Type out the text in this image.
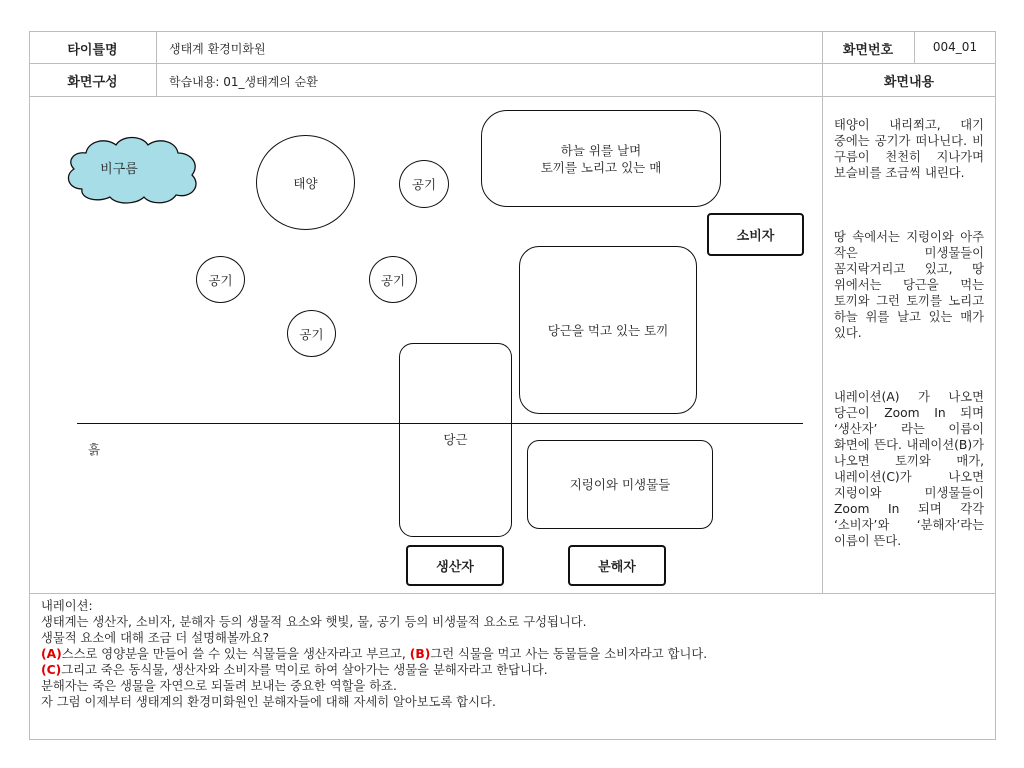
타이틀명	생태계 환경미화원	화면번호	004_01
화면구성	학습내용: 01_생태계의 순환	화면내용
비구름
태양	공기
공기	공기
공기
하늘 위를 날며
토끼를 노리고 있는 매
소비자
당근을 먹고 있는 토끼
흙
당근
지렁이와 미생물들
생산자	분해자

태양이 내리쬐고, 대기 중에는 공기가 떠나닌다. 비 구름이 천천히 지나가며 보슬비를 조금씩 내린다.

땅 속에서는 지렁이와 아주 작은 미생물들이 꼼지락거리고 있고, 땅 위에서는 당근을 먹는 토끼와 그런 토끼를 노리고 하늘 위를 날고 있는 매가 있다.

내레이션(A) 가 나오면 당근이 Zoom In 되며 ‘생산자’ 라는 이름이 화면에 뜬다. 내레이션(B)가 나오면 토끼와 매가, 내레이션(C)가 나오면 지렁이와 미생물들이 Zoom In 되며 각각 ‘소비자’와 ‘분해자’라는 이름이 뜬다.

내레이션:
생태계는 생산자, 소비자, 분해자 등의 생물적 요소와 햇빛, 물, 공기 등의 비생물적 요소로 구성됩니다.
생물적 요소에 대해 조금 더 설명해볼까요?
(A)스스로 영양분을 만들어 쓸 수 있는 식물들을 생산자라고 부르고, (B)그런 식물을 먹고 사는 동물들을 소비자라고 합니다.
(C)그리고 죽은 동식물, 생산자와 소비자를 먹이로 하여 살아가는 생물을 분해자라고 한답니다.
분해자는 죽은 생물을 자연으로 되돌려 보내는 중요한 역할을 하죠.
자 그럼 이제부터 생태계의 환경미화원인 분해자들에 대해 자세히 알아보도록 합시다.
